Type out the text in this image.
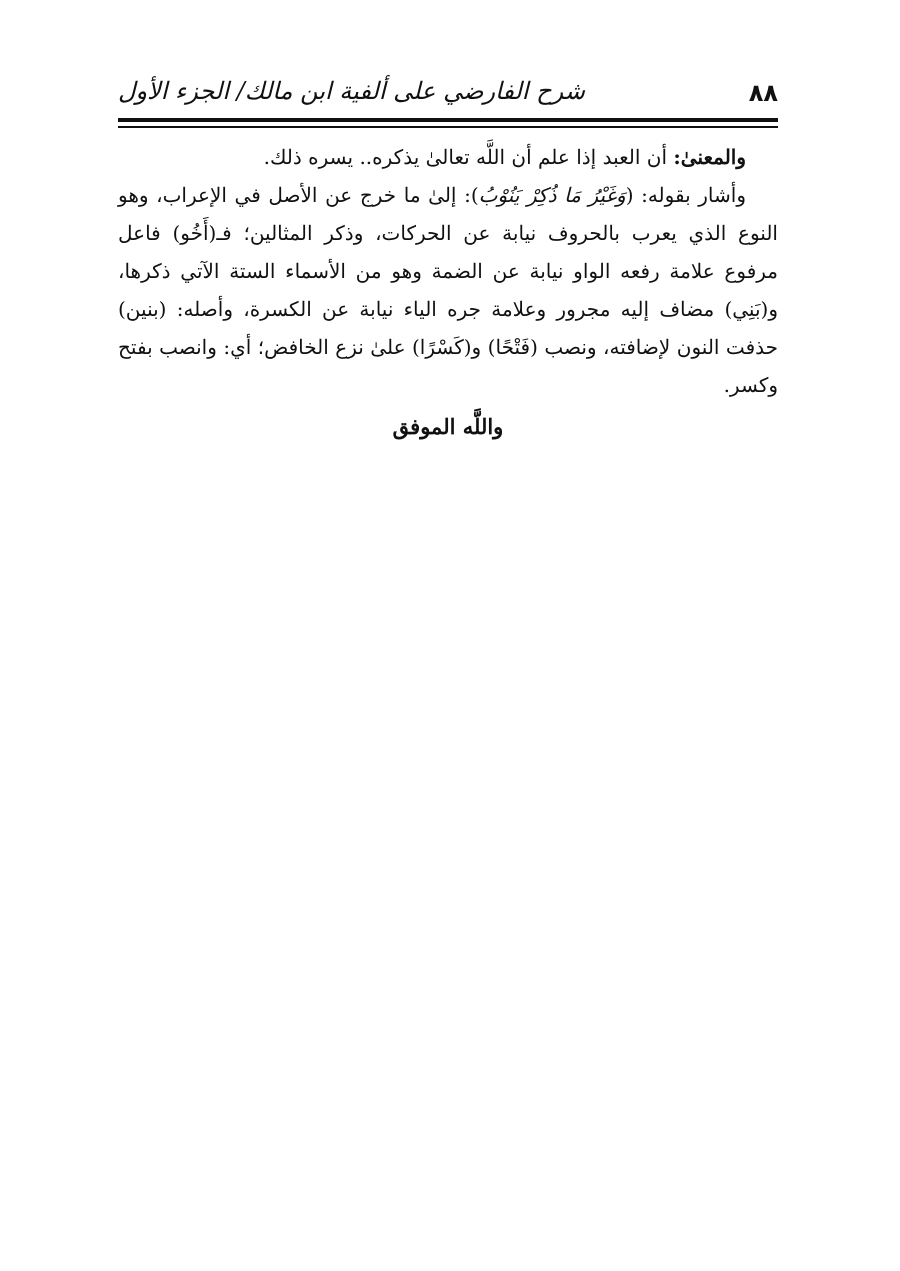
شرح الفارضي على ألفية ابن مالك/ الجزء الأول	٨٨

والمعنىٰ: أن العبد إذا علم أن اللَّه تعالىٰ يذكره.. يسره ذلك.

وأشار بقوله: (وَغَيْرُ مَا ذُكِرْ يَنُوْبُ): إلىٰ ما خرج عن الأصل في الإعراب، وهو النوع الذي يعرب بالحروف نيابة عن الحركات، وذكر المثالين؛ فـ(أَخُو) فاعل مرفوع علامة رفعه الواو نيابة عن الضمة وهو من الأسماء الستة الآتي ذكرها، و(بَنِي) مضاف إليه مجرور وعلامة جره الياء نيابة عن الكسرة، وأصله: (بنين) حذفت النون لإضافته، ونصب (فَتْحًا) و(كَسْرًا) علىٰ نزع الخافض؛ أي: وانصب بفتح وكسر.

واللَّه الموفق
